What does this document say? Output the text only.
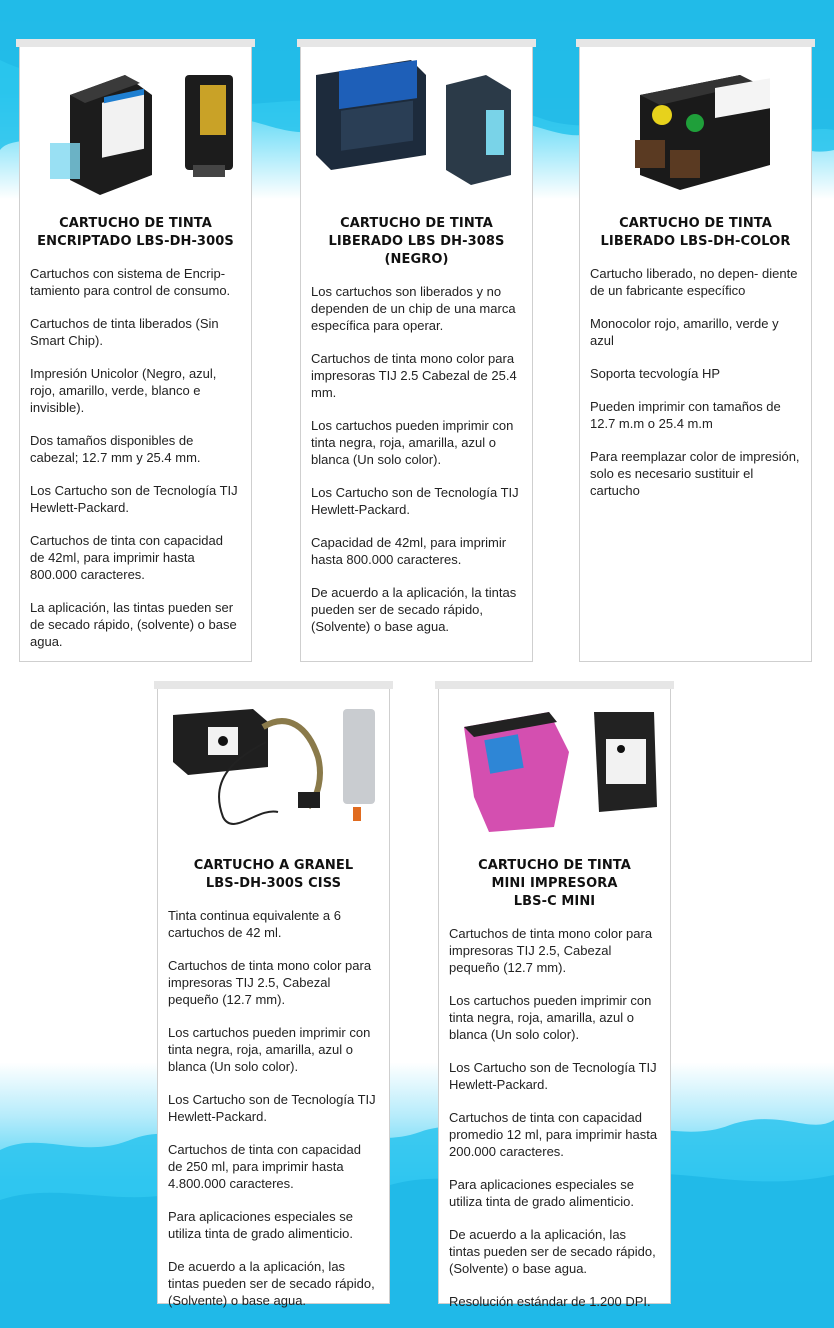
CARTUCHO DE TINTA
ENCRIPTADO LBS-DH-300S

Cartuchos con sistema de Encrip- tamiento para control de consumo.

Cartuchos de tinta liberados (Sin Smart Chip).

Impresión Unicolor (Negro, azul, rojo, amarillo, verde, blanco e invisible).

Dos tamaños disponibles de cabezal; 12.7 mm y 25.4 mm.

Los Cartucho son de Tecnología TIJ Hewlett-Packard.

Cartuchos de tinta con capacidad de 42ml, para imprimir hasta 800.000 caracteres.

La aplicación, las tintas pueden ser de secado rápido, (solvente) o base agua.

CARTUCHO DE TINTA
LIBERADO LBS DH-308S
(NEGRO)

Los cartuchos son liberados y no dependen de un chip de una marca específica para operar.

Cartuchos de tinta mono color para impresoras TIJ 2.5 Cabezal de 25.4 mm.

Los cartuchos pueden imprimir con tinta negra, roja, amarilla, azul o blanca (Un solo color).

Los Cartucho son de Tecnología TIJ Hewlett-Packard.

Capacidad de 42ml, para imprimir hasta 800.000 caracteres.

De acuerdo a la aplicación, la tintas pueden ser de secado rápido, (Solvente) o base agua.

CARTUCHO DE TINTA
LIBERADO LBS-DH-COLOR

Cartucho liberado, no depen- diente de un fabricante específico

Monocolor rojo, amarillo, verde y azul

Soporta tecvología HP

Pueden imprimir con tamaños de 12.7 m.m o 25.4 m.m

Para reemplazar color de impresión, solo es necesario sustituir el cartucho

CARTUCHO A GRANEL
LBS-DH-300S CISS

Tinta continua equivalente a 6 cartuchos de 42 ml.

Cartuchos de tinta mono color para impresoras TIJ 2.5, Cabezal pequeño (12.7 mm).

Los cartuchos pueden imprimir con tinta negra, roja, amarilla, azul o blanca (Un solo color).

Los Cartucho son de Tecnología TIJ Hewlett-Packard.

Cartuchos de tinta con capacidad de 250 ml, para imprimir hasta 4.800.000 caracteres.

Para aplicaciones especiales se utiliza tinta de grado alimenticio.

De acuerdo a la aplicación, las tintas pueden ser de secado rápido, (Solvente) o base agua.

CARTUCHO DE TINTA
MINI IMPRESORA
LBS-C MINI

Cartuchos de tinta mono color para impresoras TIJ 2.5, Cabezal pequeño (12.7 mm).

Los cartuchos pueden imprimir con tinta negra, roja, amarilla, azul o blanca (Un solo color).

Los Cartucho son de Tecnología TIJ Hewlett-Packard.

Cartuchos de tinta con capacidad promedio 12 ml, para imprimir hasta 200.000 caracteres.

Para aplicaciones especiales se utiliza tinta de grado alimenticio.

De acuerdo a la aplicación, las tintas pueden ser de secado rápido, (Solvente) o base agua.

Resolución estándar de 1.200 DPI.
